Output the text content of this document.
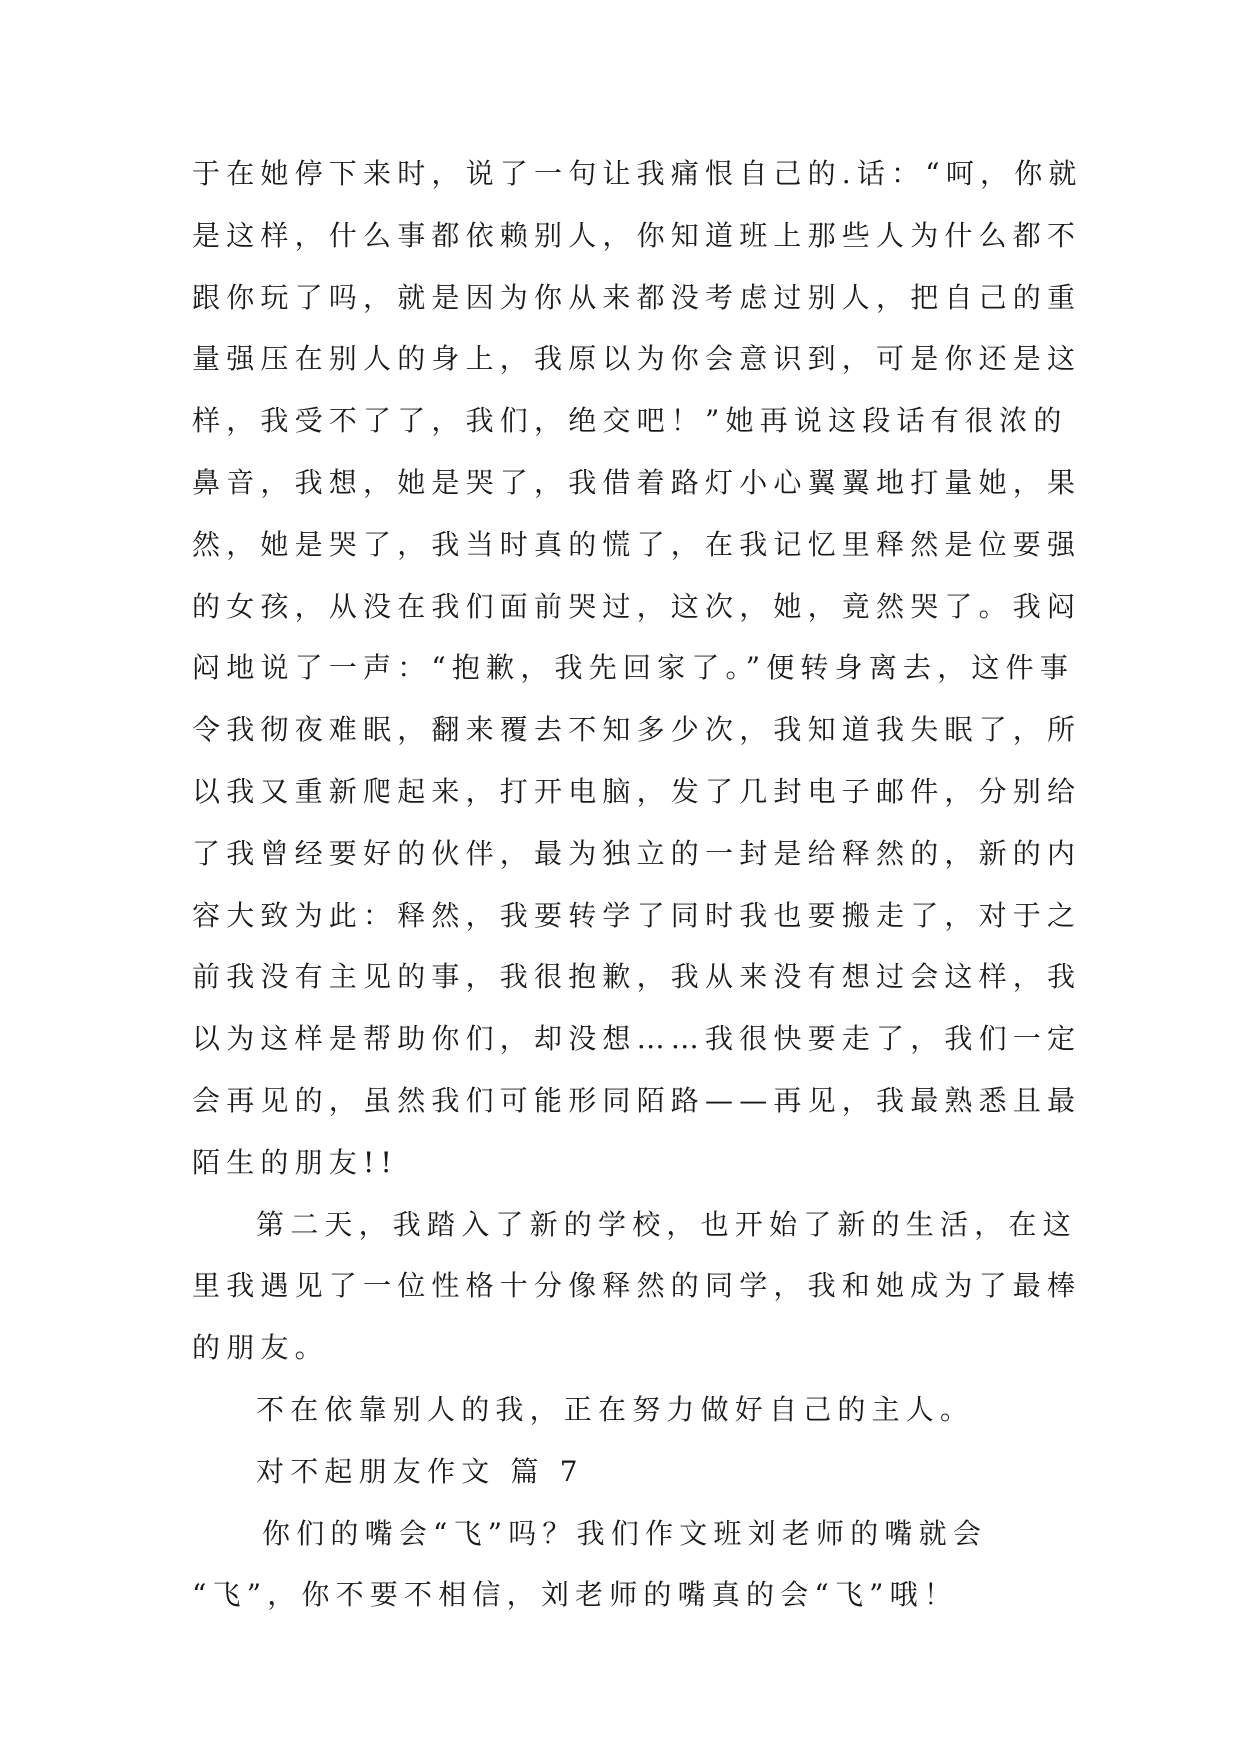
于在她停下来时，说了一句让我痛恨自己的.话：“呵，你就
是这样，什么事都依赖别人，你知道班上那些人为什么都不
跟你玩了吗，就是因为你从来都没考虑过别人，把自己的重
量强压在别人的身上，我原以为你会意识到，可是你还是这
样，我受不了了，我们，绝交吧！”她再说这段话有很浓的
鼻音，我想，她是哭了，我借着路灯小心翼翼地打量她，果
然，她是哭了，我当时真的慌了，在我记忆里释然是位要强
的女孩，从没在我们面前哭过，这次，她，竟然哭了。我闷
闷地说了一声：“抱歉，我先回家了。”便转身离去，这件事
令我彻夜难眠，翻来覆去不知多少次，我知道我失眠了，所
以我又重新爬起来，打开电脑，发了几封电子邮件，分别给
了我曾经要好的伙伴，最为独立的一封是给释然的，新的内
容大致为此：释然，我要转学了同时我也要搬走了，对于之
前我没有主见的事，我很抱歉，我从来没有想过会这样，我
以为这样是帮助你们，却没想……我很快要走了，我们一定
会再见的，虽然我们可能形同陌路——再见，我最熟悉且最
陌生的朋友!!
第二天，我踏入了新的学校，也开始了新的生活，在这
里我遇见了一位性格十分像释然的同学，我和她成为了最棒
的朋友。
不在依靠别人的我，正在努力做好自己的主人。
对不起朋友作文 篇 7
你们的嘴会“飞”吗？我们作文班刘老师的嘴就会
“飞”，你不要不相信，刘老师的嘴真的会“飞”哦！
